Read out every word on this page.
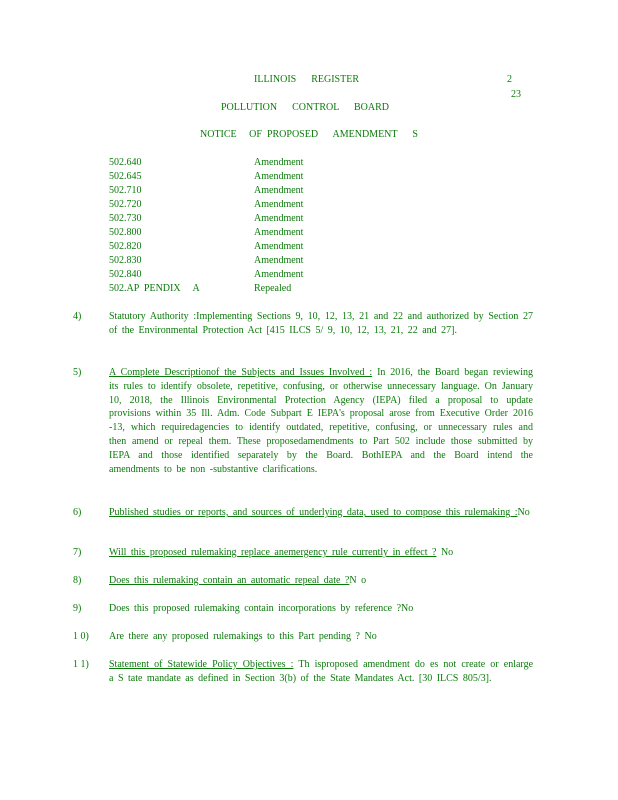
ILLINOIS      REGISTER	2
23
POLLUTION      CONTROL      BOARD
NOTICE     OF  PROPOSED      AMENDMENT      S
502.640	Amendment
502.645	Amendment
502.710	Amendment
502.720	Amendment
502.730	Amendment
502.800	Amendment
502.820	Amendment
502.830	Amendment
502.840	Amendment
502.AP  PENDIX     A	Repealed
4)	Statutory Authority :Implementing Sections 9, 10, 12, 13, 21 and 22 and authorized by Section 27 of the Environmental Protection Act [415 ILCS 5/ 9, 10, 12, 13, 21, 22 and 27].
5)	A Complete Descriptionof the Subjects and Issues Involved : In 2016, the Board began reviewing its rules to identify obsolete, repetitive, confusing, or otherwise unnecessary language. On January 10, 2018, the Illinois Environmental Protection Agency (IEPA) filed a proposal to update provisions within 35 Ill. Adm. Code Subpart E IEPA's proposal arose from Executive Order 2016 -13, which requiredagencies to identify outdated, repetitive, confusing, or unnecessary rules and then amend or repeal them. These proposedamendments to Part 502 include those submitted by IEPA and those identified separately by the Board. BothIEPA and the Board intend the amendments to be non -substantive clarifications.
6)	Published studies or reports, and sources of underlying data, used to compose this rulemaking :No
7)	Will this proposed rulemaking replace anemergency rule currently in effect ? No
8)	Does this rulemaking contain an automatic repeal date ?N o
9)	Does this proposed rulemaking contain incorporations by reference ?No
1 0)	Are there any proposed rulemakings to this Part pending ? No
1 1)	Statement of Statewide Policy Objectives : Th isproposed amendment do es not create or enlarge a S tate mandate as defined in Section 3(b) of the State Mandates Act. [30 ILCS 805/3].
